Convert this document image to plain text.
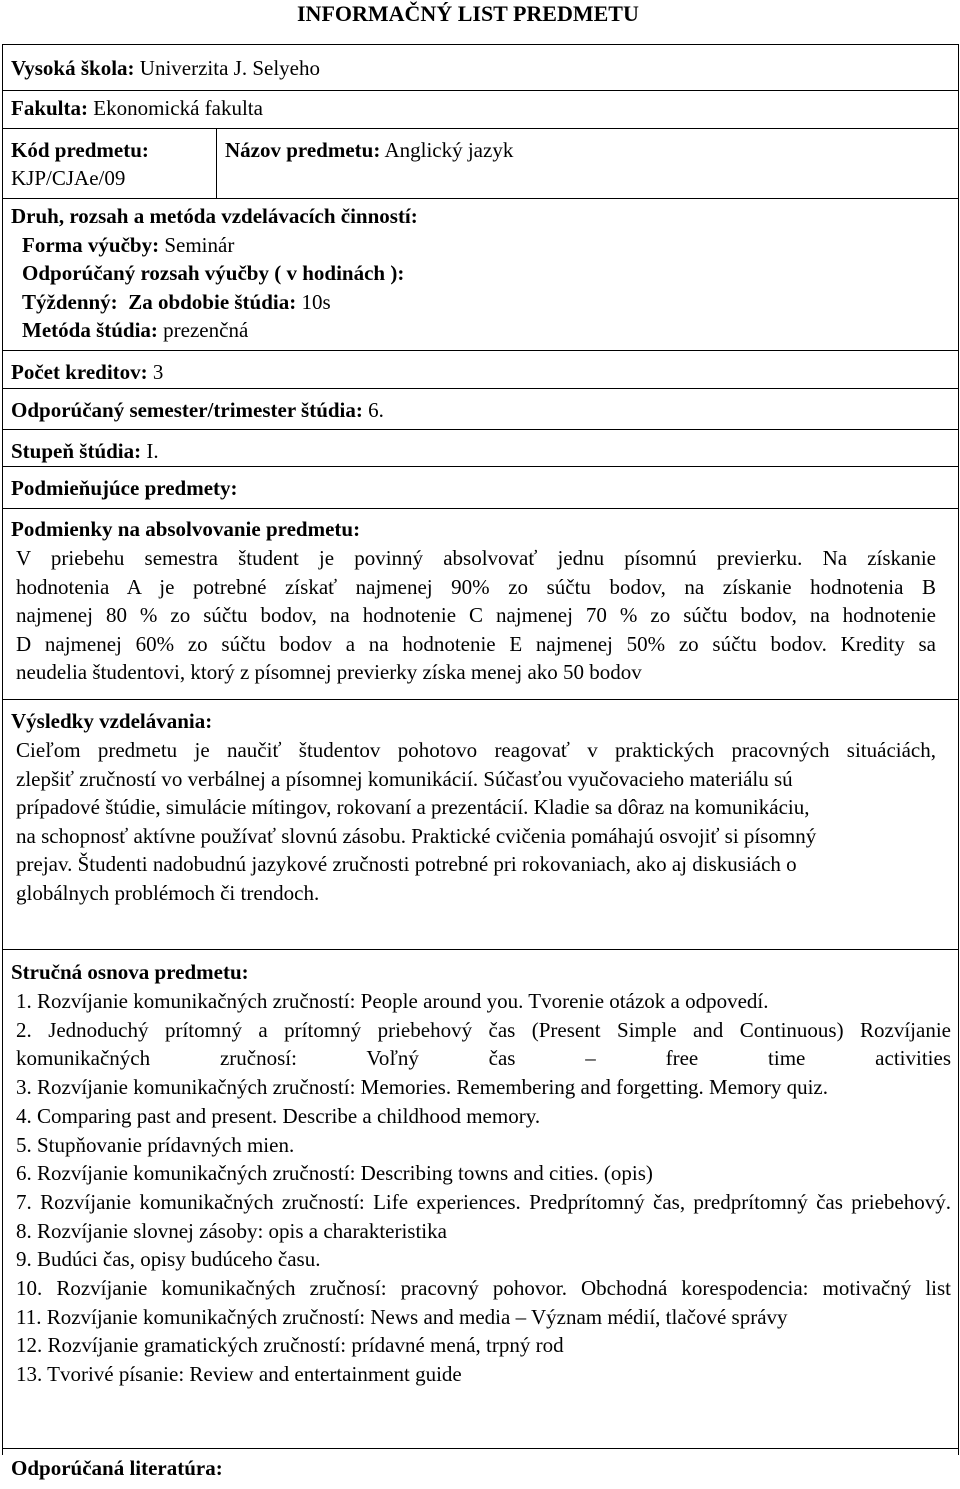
INFORMAČNÝ LIST PREDMETU
Vysoká škola: Univerzita J. Selyeho
Fakulta: Ekonomická fakulta
Kód predmetu:
KJP/CJAe/09
Názov predmetu: Anglický jazyk
Druh, rozsah a metóda vzdelávacích činností:
Forma výučby: Seminár
Odporúčaný rozsah výučby ( v hodinách ):
Týždenný: Za obdobie štúdia: 10s
Metóda štúdia: prezenčná
Počet kreditov: 3
Odporúčaný semester/trimester štúdia: 6.
Stupeň štúdia: I.
Podmieňujúce predmety:
Podmienky na absolvovanie predmetu:
V priebehu semestra študent je povinný absolvovať jednu písomnú previerku. Na získanie
hodnotenia A je potrebné získať najmenej 90% zo súčtu bodov, na získanie hodnotenia B
najmenej 80 % zo súčtu bodov, na hodnotenie C najmenej 70 % zo súčtu bodov, na hodnotenie
D najmenej 60% zo súčtu bodov a na hodnotenie E najmenej 50% zo súčtu bodov. Kredity sa
neudelia študentovi, ktorý z písomnej previerky získa menej ako 50 bodov
Výsledky vzdelávania:
Cieľom predmetu je naučiť študentov pohotovo reagovať v praktických pracovných situáciách,
zlepšiť zručností vo verbálnej a písomnej komunikácií. Súčasťou vyučovacieho materiálu sú
prípadové štúdie, simulácie mítingov, rokovaní a prezentácií. Kladie sa dôraz na komunikáciu,
na schopnosť aktívne používať slovnú zásobu. Praktické cvičenia pomáhajú osvojiť si písomný
prejav. Študenti nadobudnú jazykové zručnosti potrebné pri rokovaniach, ako aj diskusiách o
globálnych problémoch či trendoch.
Stručná osnova predmetu:
1. Rozvíjanie komunikačných zručností: People around you. Tvorenie otázok a odpovedí.
2. Jednoduchý prítomný a prítomný priebehový čas (Present Simple and Continuous) Rozvíjanie komunikačných zručnosí: Voľný čas – free time activities
3. Rozvíjanie komunikačných zručností: Memories. Remembering and forgetting. Memory quiz.
4. Comparing past and present. Describe a childhood memory.
5. Stupňovanie prídavných mien.
6. Rozvíjanie komunikačných zručností: Describing towns and cities. (opis)
7. Rozvíjanie komunikačných zručností: Life experiences. Predprítomný čas, predprítomný čas priebehový.
8. Rozvíjanie slovnej zásoby: opis a charakteristika
9. Budúci čas, opisy budúceho času.
10. Rozvíjanie komunikačných zručnosí: pracovný pohovor. Obchodná korespodencia: motivačný list
11. Rozvíjanie komunikačných zručností: News and media – Význam médií, tlačové správy
12. Rozvíjanie gramatických zručností: prídavné mená, trpný rod
13. Tvorivé písanie: Review and entertainment guide
Odporúčaná literatúra:
